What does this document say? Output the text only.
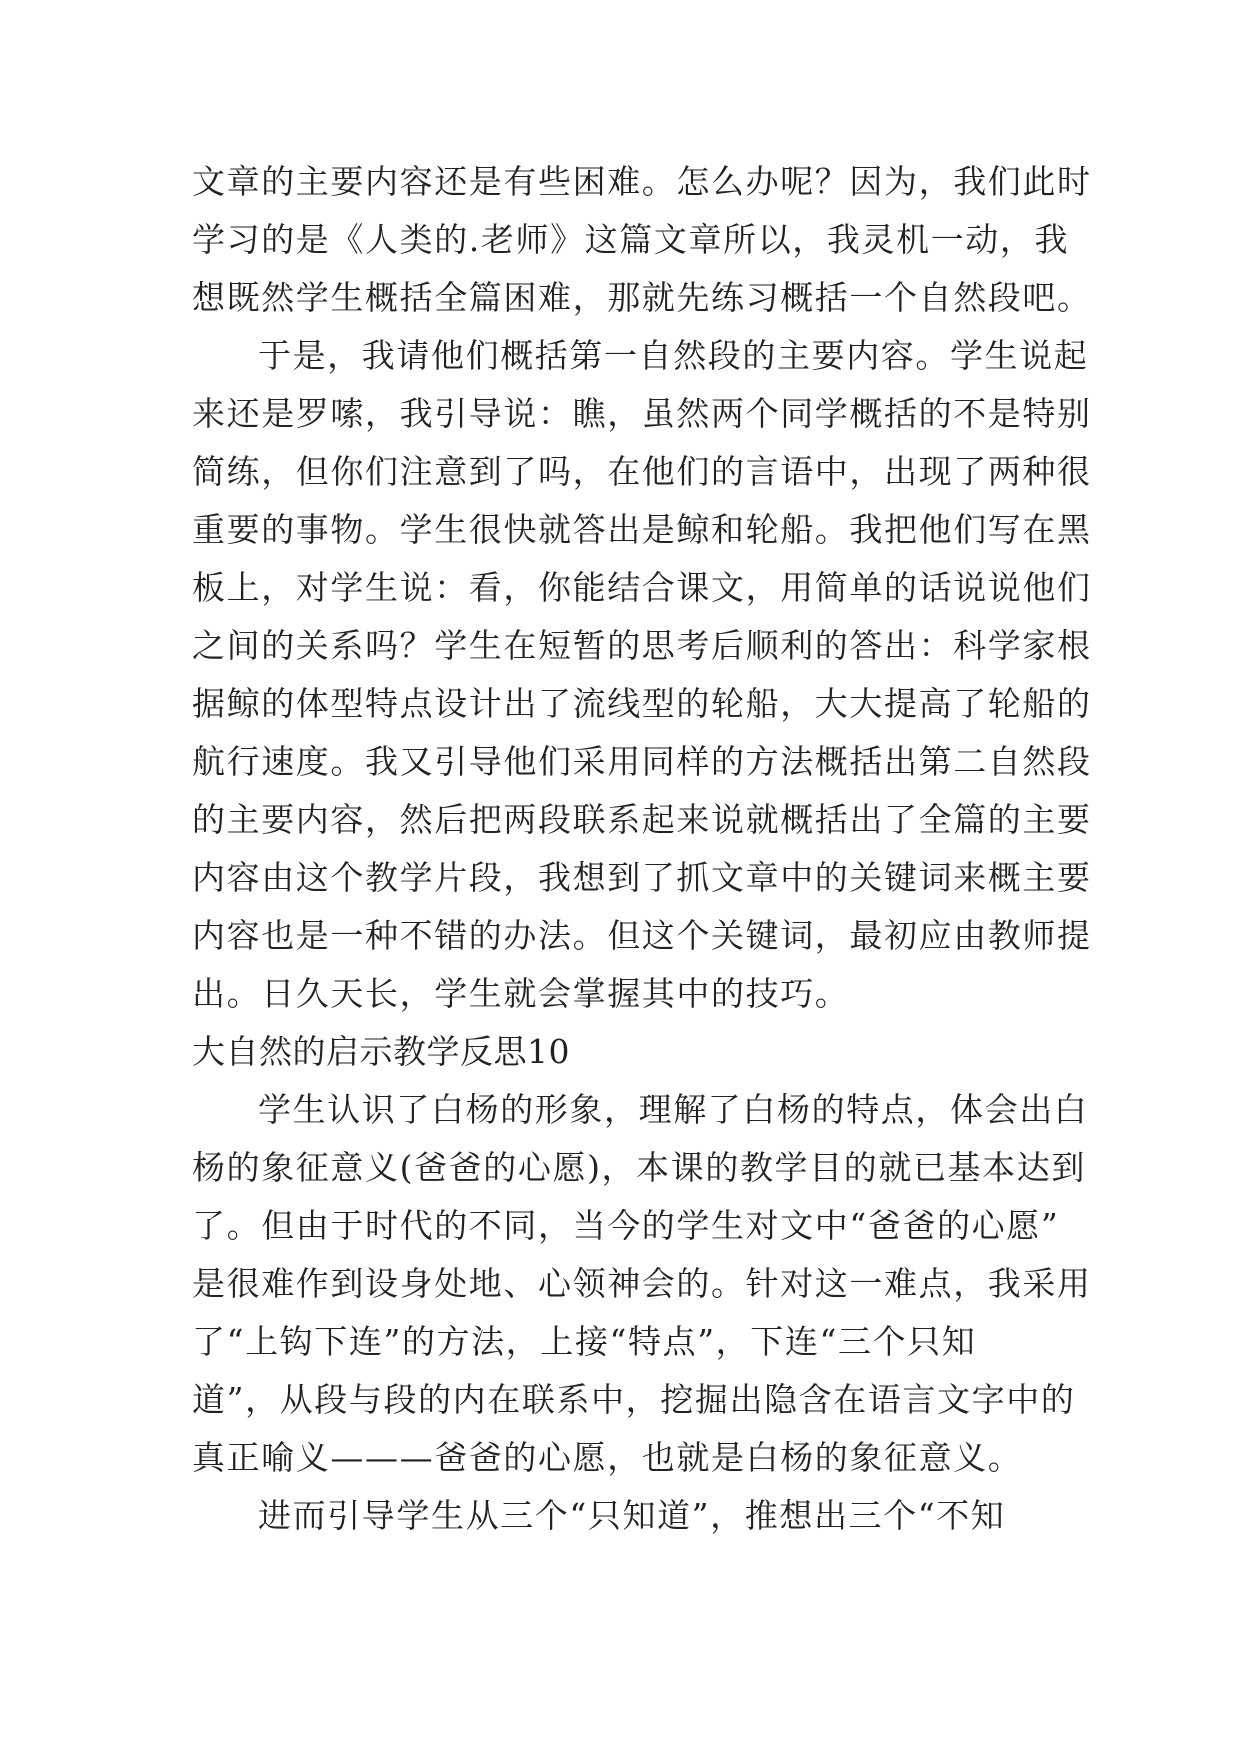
文章的主要内容还是有些困难。怎么办呢？因为，我们此时
学习的是《人类的.老师》这篇文章所以，我灵机一动，我
想既然学生概括全篇困难，那就先练习概括一个自然段吧。
于是，我请他们概括第一自然段的主要内容。学生说起
来还是罗嗦，我引导说：瞧，虽然两个同学概括的不是特别
简练，但你们注意到了吗，在他们的言语中，出现了两种很
重要的事物。学生很快就答出是鲸和轮船。我把他们写在黑
板上，对学生说：看，你能结合课文，用简单的话说说他们
之间的关系吗？学生在短暂的思考后顺利的答出：科学家根
据鲸的体型特点设计出了流线型的轮船，大大提高了轮船的
航行速度。我又引导他们采用同样的方法概括出第二自然段
的主要内容，然后把两段联系起来说就概括出了全篇的主要
内容由这个教学片段，我想到了抓文章中的关键词来概主要
内容也是一种不错的办法。但这个关键词，最初应由教师提
出。日久天长，学生就会掌握其中的技巧。
大自然的启示教学反思10
学生认识了白杨的形象，理解了白杨的特点，体会出白
杨的象征意义(爸爸的心愿)，本课的教学目的就已基本达到
了。但由于时代的不同，当今的学生对文中“爸爸的心愿”
是很难作到设身处地、心领神会的。针对这一难点，我采用
了“上钩下连”的方法，上接“特点”，下连“三个只知
道”，从段与段的内在联系中，挖掘出隐含在语言文字中的
真正喻义———爸爸的心愿，也就是白杨的象征意义。
进而引导学生从三个“只知道”，推想出三个“不知
